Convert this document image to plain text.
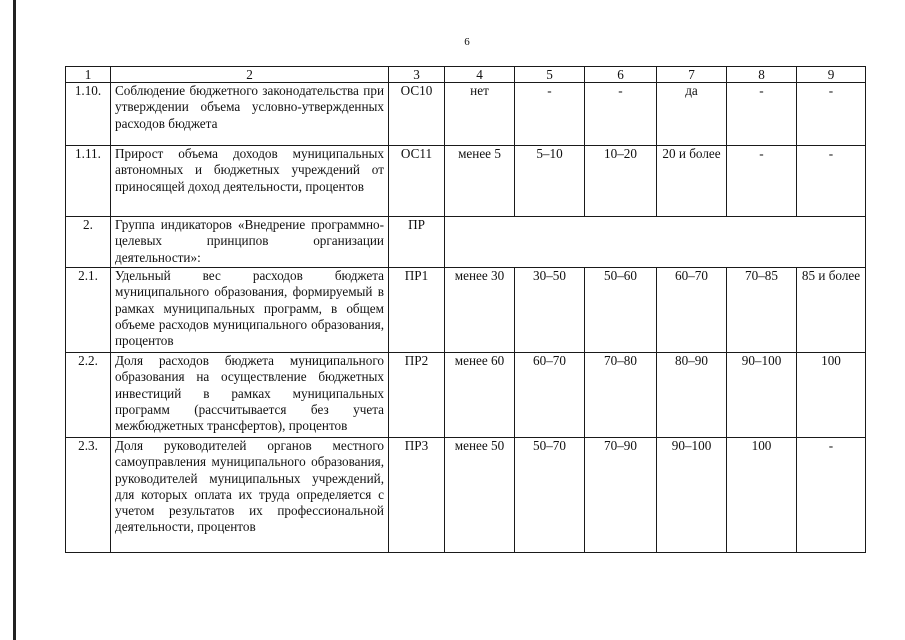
6
1	2	3	4	5	6	7	8	9
1.10.	Соблюдение бюджетного законодательства при утверждении объема условно-утвержденных расходов бюджета	ОС10	нет	-	-	да	-	-
1.11.	Прирост объема доходов муниципальных автономных и бюджетных учреждений от приносящей доход деятельности, процентов	ОС11	менее 5	5–10	10–20	20 и более	-	-
2.	Группа индикаторов «Внедрение программно-целевых принципов организации деятельности»:	ПР						
2.1.	Удельный вес расходов бюджета муниципального образования, формируемый в рамках муниципальных программ, в общем объеме расходов муниципального образования, процентов	ПР1	менее 30	30–50	50–60	60–70	70–85	85 и более
2.2.	Доля расходов бюджета муниципального образования на осуществление бюджетных инвестиций в рамках муниципальных программ (рассчитывается без учета межбюджетных трансфертов), процентов	ПР2	менее 60	60–70	70–80	80–90	90–100	100
2.3.	Доля руководителей органов местного самоуправления муниципального образования, руководителей муниципальных учреждений, для которых оплата их труда определяется с учетом результатов их профессиональной деятельности, процентов	ПР3	менее 50	50–70	70–90	90–100	100	-
